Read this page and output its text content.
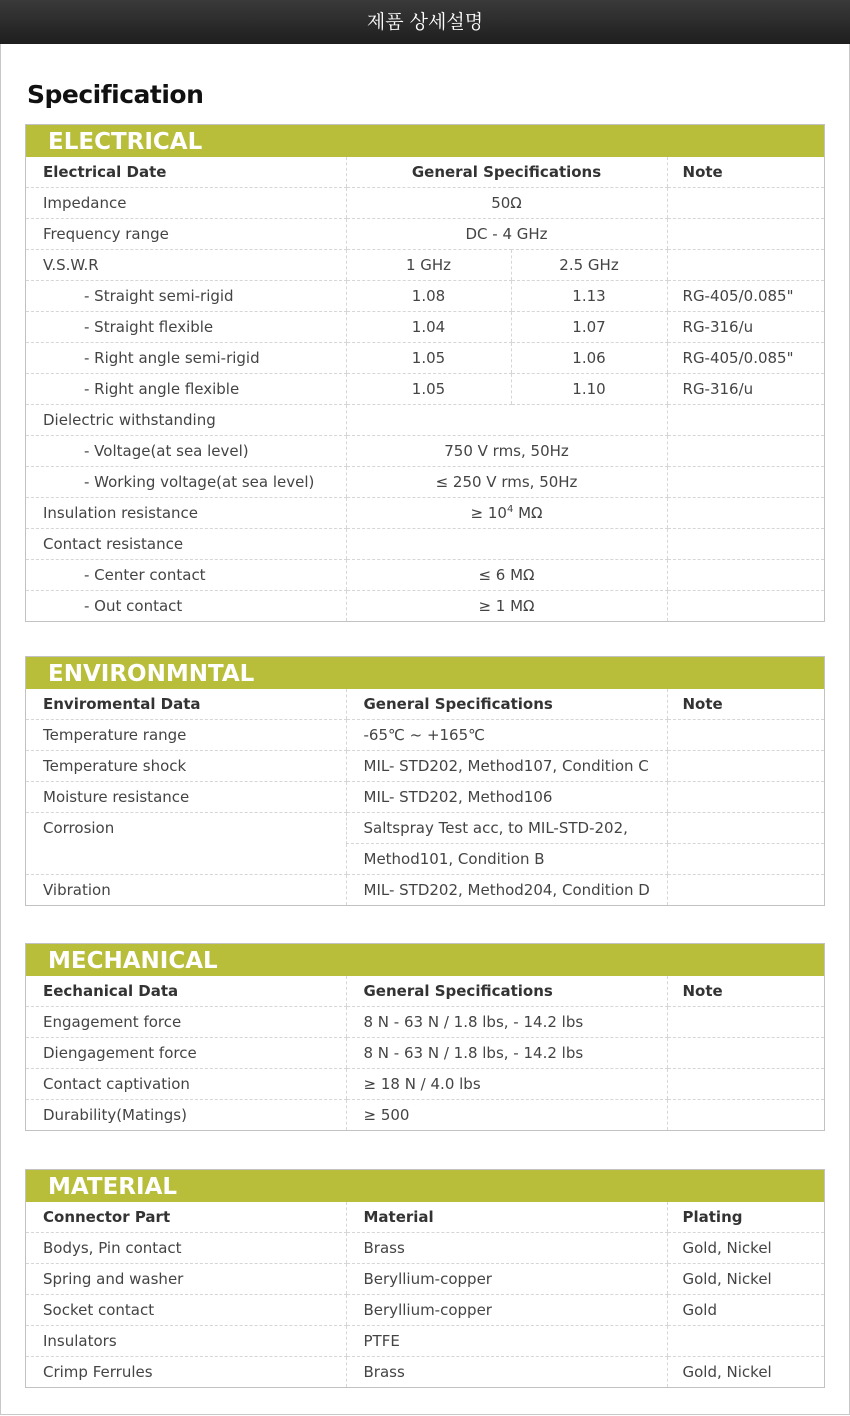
제품 상세설명
Specification
ELECTRICAL
Electrical Date	General Specifications		Note
Impedance	50Ω		
Frequency range	DC - 4 GHz		
V.S.W.R	1 GHz	2.5 GHz	
- Straight semi-rigid	1.08	1.13	RG-405/0.085"
- Straight flexible	1.04	1.07	RG-316/u
- Right angle semi-rigid	1.05	1.06	RG-405/0.085"
- Right angle flexible	1.05	1.10	RG-316/u
Dielectric withstanding			
- Voltage(at sea level)	750 V rms, 50Hz		
- Working voltage(at sea level)	≤ 250 V rms, 50Hz		
Insulation resistance	≥ $10^4$ MΩ		
Contact resistance			
- Center contact	≤ 6 MΩ		
- Out contact	≥ 1 MΩ		
ENVIRONMNTAL
Enviromental Data	General Specifications	Note
Temperature range	-65℃ ~ +165℃	
Temperature shock	MIL- STD202, Method107, Condition C	
Moisture resistance	MIL- STD202, Method106	
Corrosion	Saltspray Test acc, to MIL-STD-202,	
	Method101, Condition B	
Vibration	MIL- STD202, Method204, Condition D	
MECHANICAL
Eechanical Data	General Specifications	Note
Engagement force	8 N - 63 N / 1.8 lbs, - 14.2 lbs	
Diengagement force	8 N - 63 N / 1.8 lbs, - 14.2 lbs	
Contact captivation	≥ 18 N / 4.0 lbs	
Durability(Matings)	≥ 500	
MATERIAL
Connector Part	Material	Plating
Bodys, Pin contact	Brass	Gold, Nickel
Spring and washer	Beryllium-copper	Gold, Nickel
Socket contact	Beryllium-copper	Gold
Insulators	PTFE	
Crimp Ferrules	Brass	Gold, Nickel
